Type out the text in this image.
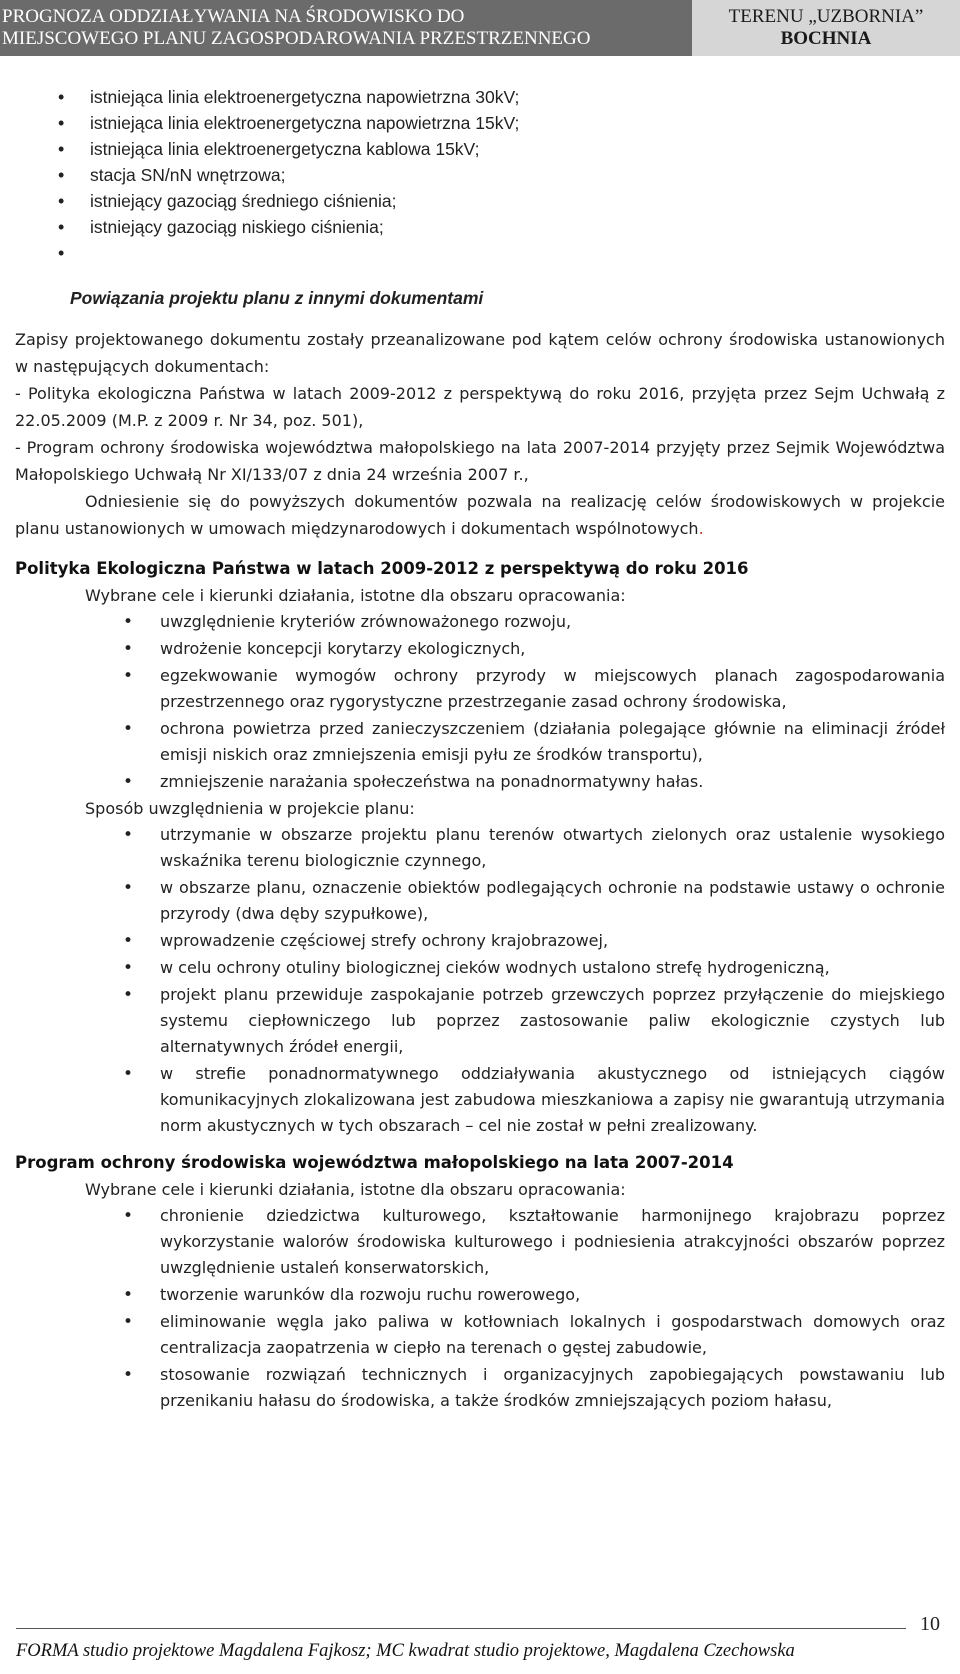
PROGNOZA ODDZIAŁYWANIA NA ŚRODOWISKO DO
MIEJSCOWEGO PLANU ZAGOSPODAROWANIA PRZESTRZENNEGO
TERENU „UZBORNIA”
BOCHNIA
• istniejąca linia elektroenergetyczna napowietrzna 30kV;
• istniejąca linia elektroenergetyczna napowietrzna 15kV;
• istniejąca linia elektroenergetyczna kablowa 15kV;
• stacja SN/nN wnętrzowa;
• istniejący gazociąg średniego ciśnienia;
• istniejący gazociąg niskiego ciśnienia;
•
Powiązania projektu planu z innymi dokumentami
Zapisy projektowanego dokumentu zostały przeanalizowane pod kątem celów ochrony środowiska ustanowionych w następujących dokumentach:
- Polityka ekologiczna Państwa w latach 2009-2012 z perspektywą do roku 2016, przyjęta przez Sejm Uchwałą z 22.05.2009 (M.P. z 2009 r. Nr 34, poz. 501),
- Program ochrony środowiska województwa małopolskiego na lata 2007-2014 przyjęty przez Sejmik Województwa Małopolskiego Uchwałą Nr XI/133/07 z dnia 24 września 2007 r.,
Odniesienie się do powyższych dokumentów pozwala na realizację celów środowiskowych w projekcie planu ustanowionych w umowach międzynarodowych i dokumentach wspólnotowych.
Polityka Ekologiczna Państwa w latach 2009-2012 z perspektywą do roku 2016
Wybrane cele i kierunki działania, istotne dla obszaru opracowania:
• uwzględnienie kryteriów zrównoważonego rozwoju,
• wdrożenie koncepcji korytarzy ekologicznych,
• egzekwowanie wymogów ochrony przyrody w miejscowych planach zagospodarowania przestrzennego oraz rygorystyczne przestrzeganie zasad ochrony środowiska,
• ochrona powietrza przed zanieczyszczeniem (działania polegające głównie na eliminacji źródeł emisji niskich oraz zmniejszenia emisji pyłu ze środków transportu),
• zmniejszenie narażania społeczeństwa na ponadnormatywny hałas.
Sposób uwzględnienia w projekcie planu:
• utrzymanie w obszarze projektu planu terenów otwartych zielonych oraz ustalenie wysokiego wskaźnika terenu biologicznie czynnego,
• w obszarze planu, oznaczenie obiektów podlegających ochronie na podstawie ustawy o ochronie przyrody (dwa dęby szypułkowe),
• wprowadzenie częściowej strefy ochrony krajobrazowej,
• w celu ochrony otuliny biologicznej cieków wodnych ustalono strefę hydrogeniczną,
• projekt planu przewiduje zaspokajanie potrzeb grzewczych poprzez przyłączenie do miejskiego systemu ciepłowniczego lub poprzez zastosowanie paliw ekologicznie czystych lub alternatywnych źródeł energii,
• w strefie ponadnormatywnego oddziaływania akustycznego od istniejących ciągów komunikacyjnych zlokalizowana jest zabudowa mieszkaniowa a zapisy nie gwarantują utrzymania norm akustycznych w tych obszarach – cel nie został w pełni zrealizowany.
Program ochrony środowiska województwa małopolskiego na lata 2007-2014
Wybrane cele i kierunki działania, istotne dla obszaru opracowania:
• chronienie dziedzictwa kulturowego, kształtowanie harmonijnego krajobrazu poprzez wykorzystanie walorów środowiska kulturowego i podniesienia atrakcyjności obszarów poprzez uwzględnienie ustaleń konserwatorskich,
• tworzenie warunków dla rozwoju ruchu rowerowego,
• eliminowanie węgla jako paliwa w kotłowniach lokalnych i gospodarstwach domowych oraz centralizacja zaopatrzenia w ciepło na terenach o gęstej zabudowie,
• stosowanie rozwiązań technicznych i organizacyjnych zapobiegających powstawaniu lub przenikaniu hałasu do środowiska, a także środków zmniejszających poziom hałasu,
10
FORMA studio projektowe Magdalena Fajkosz; MC kwadrat studio projektowe, Magdalena Czechowska
